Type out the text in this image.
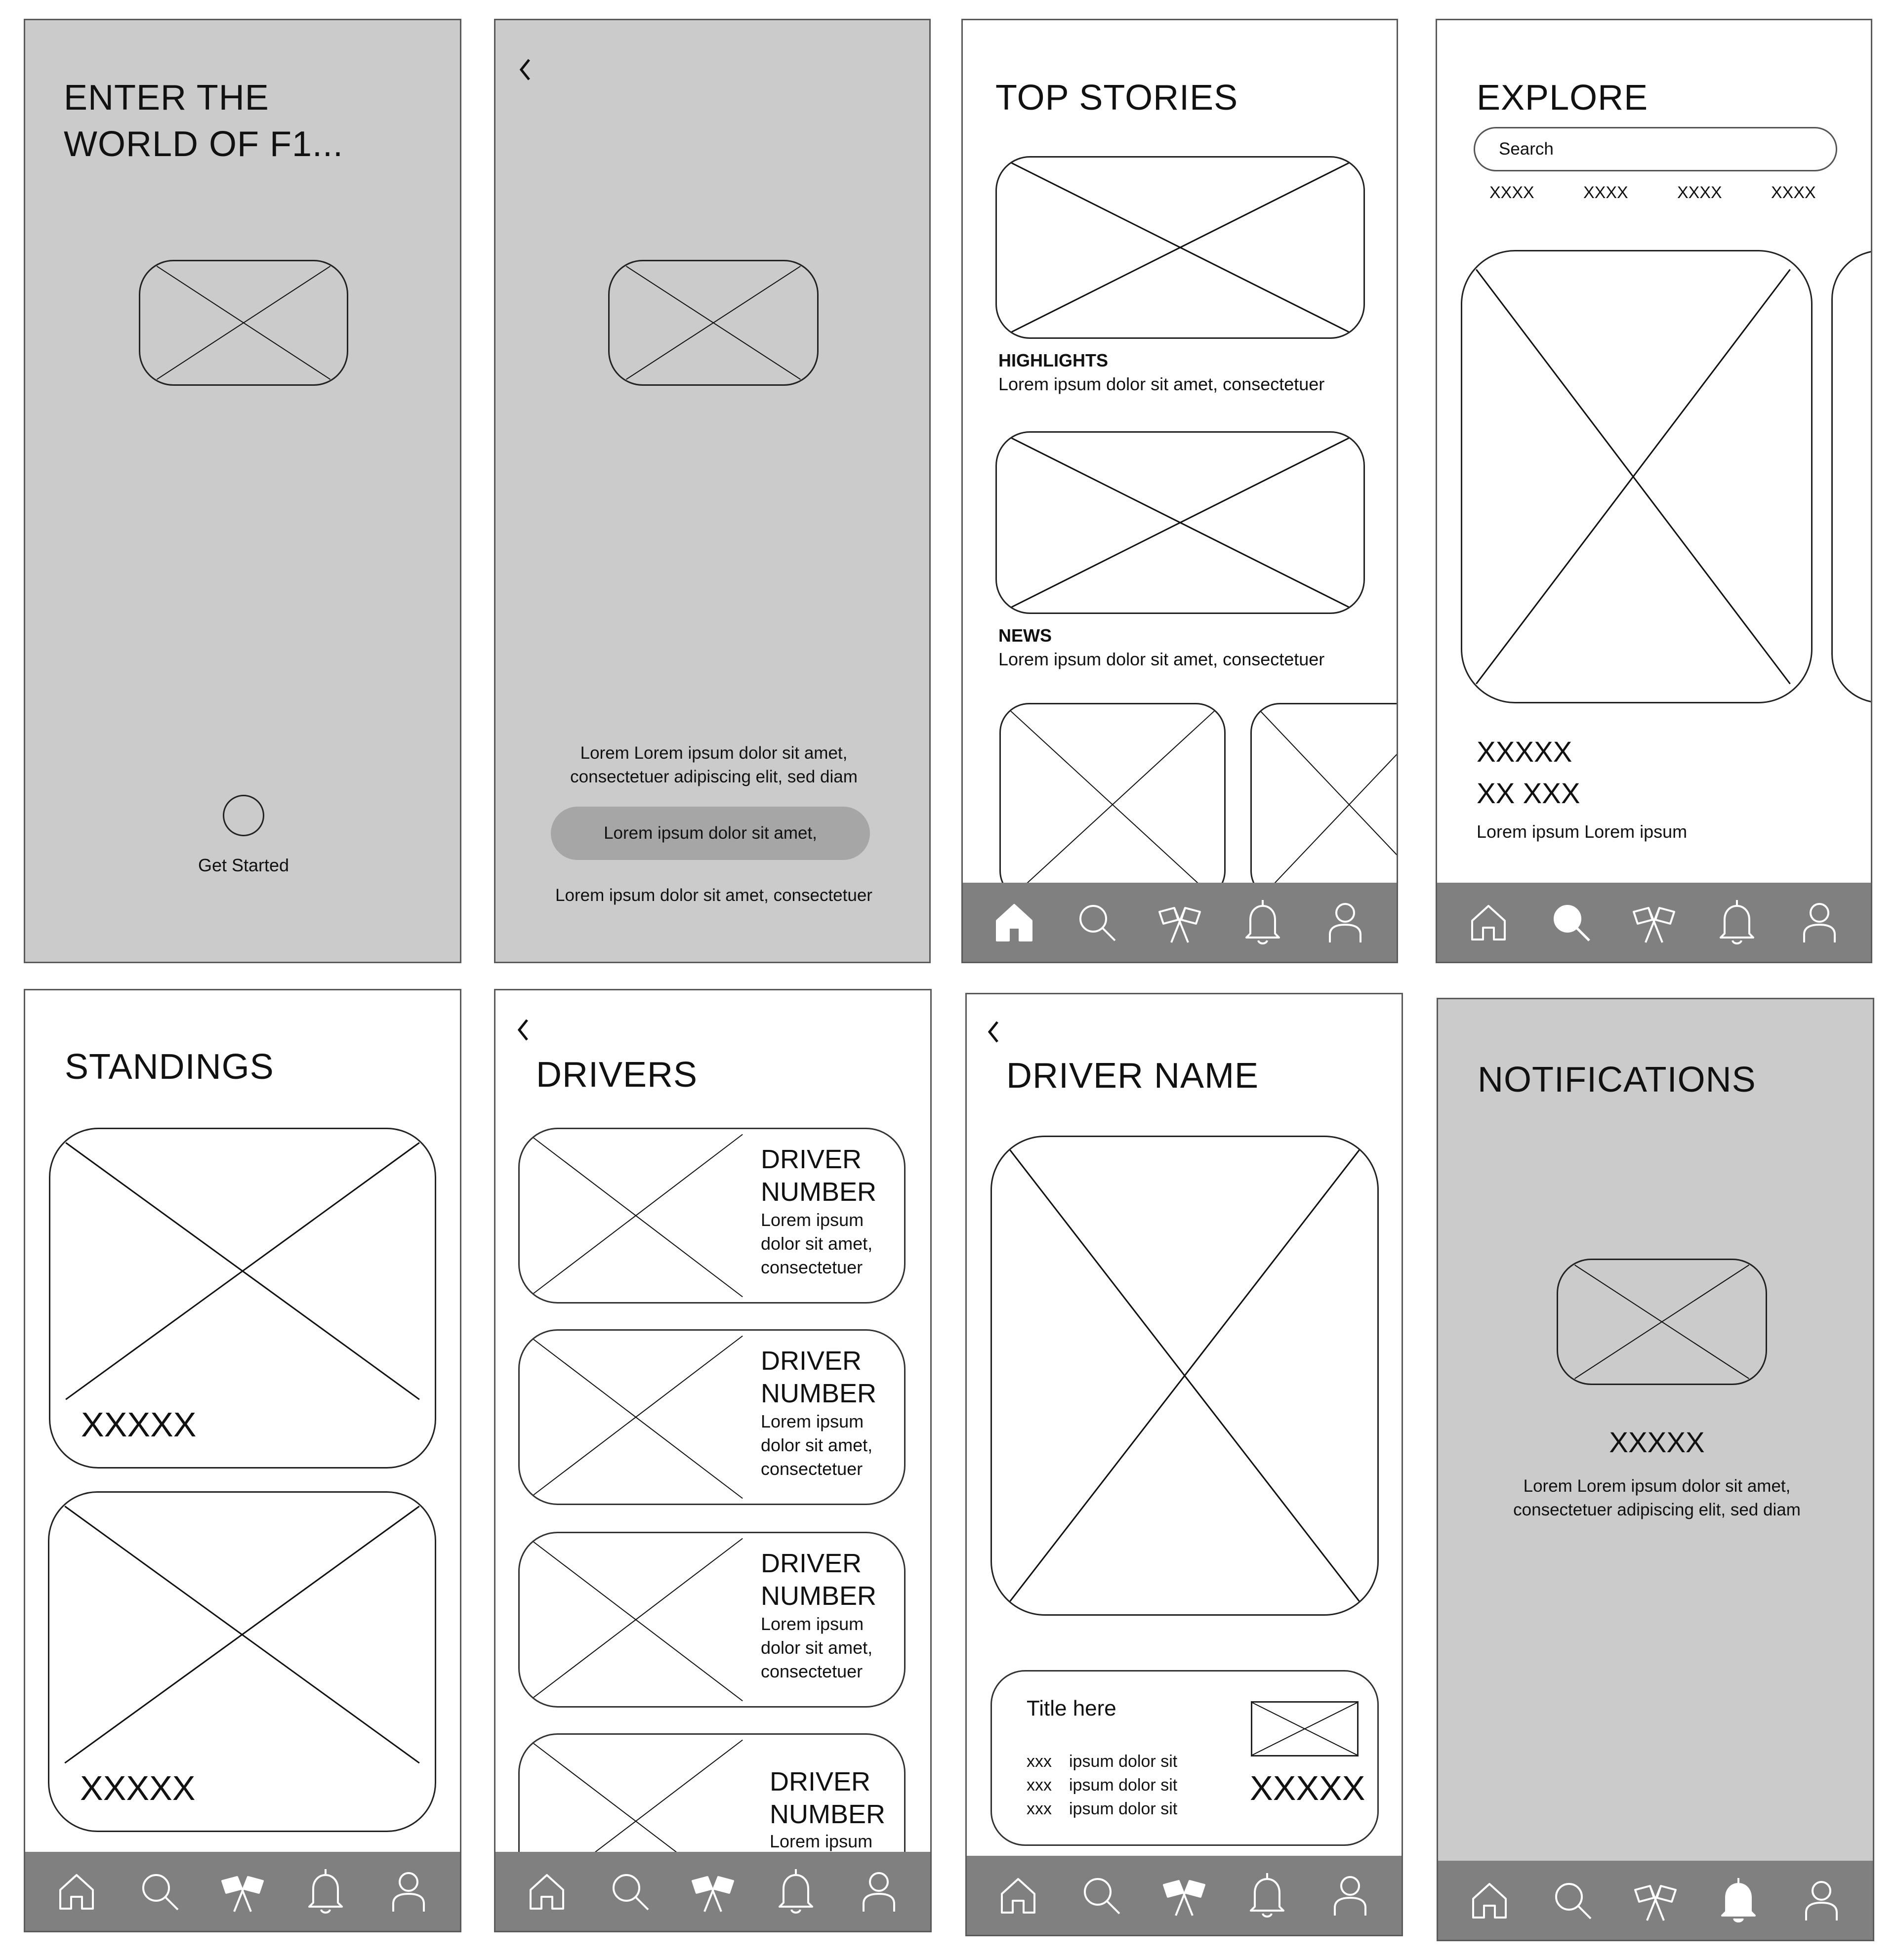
ENTER THE
WORLD OF F1...
Get Started
Lorem Lorem ipsum dolor sit amet,
consectetuer adipiscing elit, sed diam
Lorem ipsum dolor sit amet,
Lorem ipsum dolor sit amet, consectetuer
TOP STORIES
HIGHLIGHTS
Lorem ipsum dolor sit amet, consectetuer
NEWS
Lorem ipsum dolor sit amet, consectetuer
EXPLORE
Search
XXXX	XXXX	XXXX	XXXX
XXXXX
XX XXX
Lorem ipsum Lorem ipsum
STANDINGS
XXXXX
XXXXX
DRIVERS
DRIVER
NUMBER
Lorem ipsum
dolor sit amet,
consectetuer
DRIVER
NUMBER
Lorem ipsum
dolor sit amet,
consectetuer
DRIVER
NUMBER
Lorem ipsum
dolor sit amet,
consectetuer
DRIVER
NUMBER
Lorem ipsum
DRIVER NAME
Title here
xxx ipsum dolor sit
xxx ipsum dolor sit
xxx ipsum dolor sit
XXXXX
NOTIFICATIONS
XXXXX
Lorem Lorem ipsum dolor sit amet,
consectetuer adipiscing elit, sed diam
